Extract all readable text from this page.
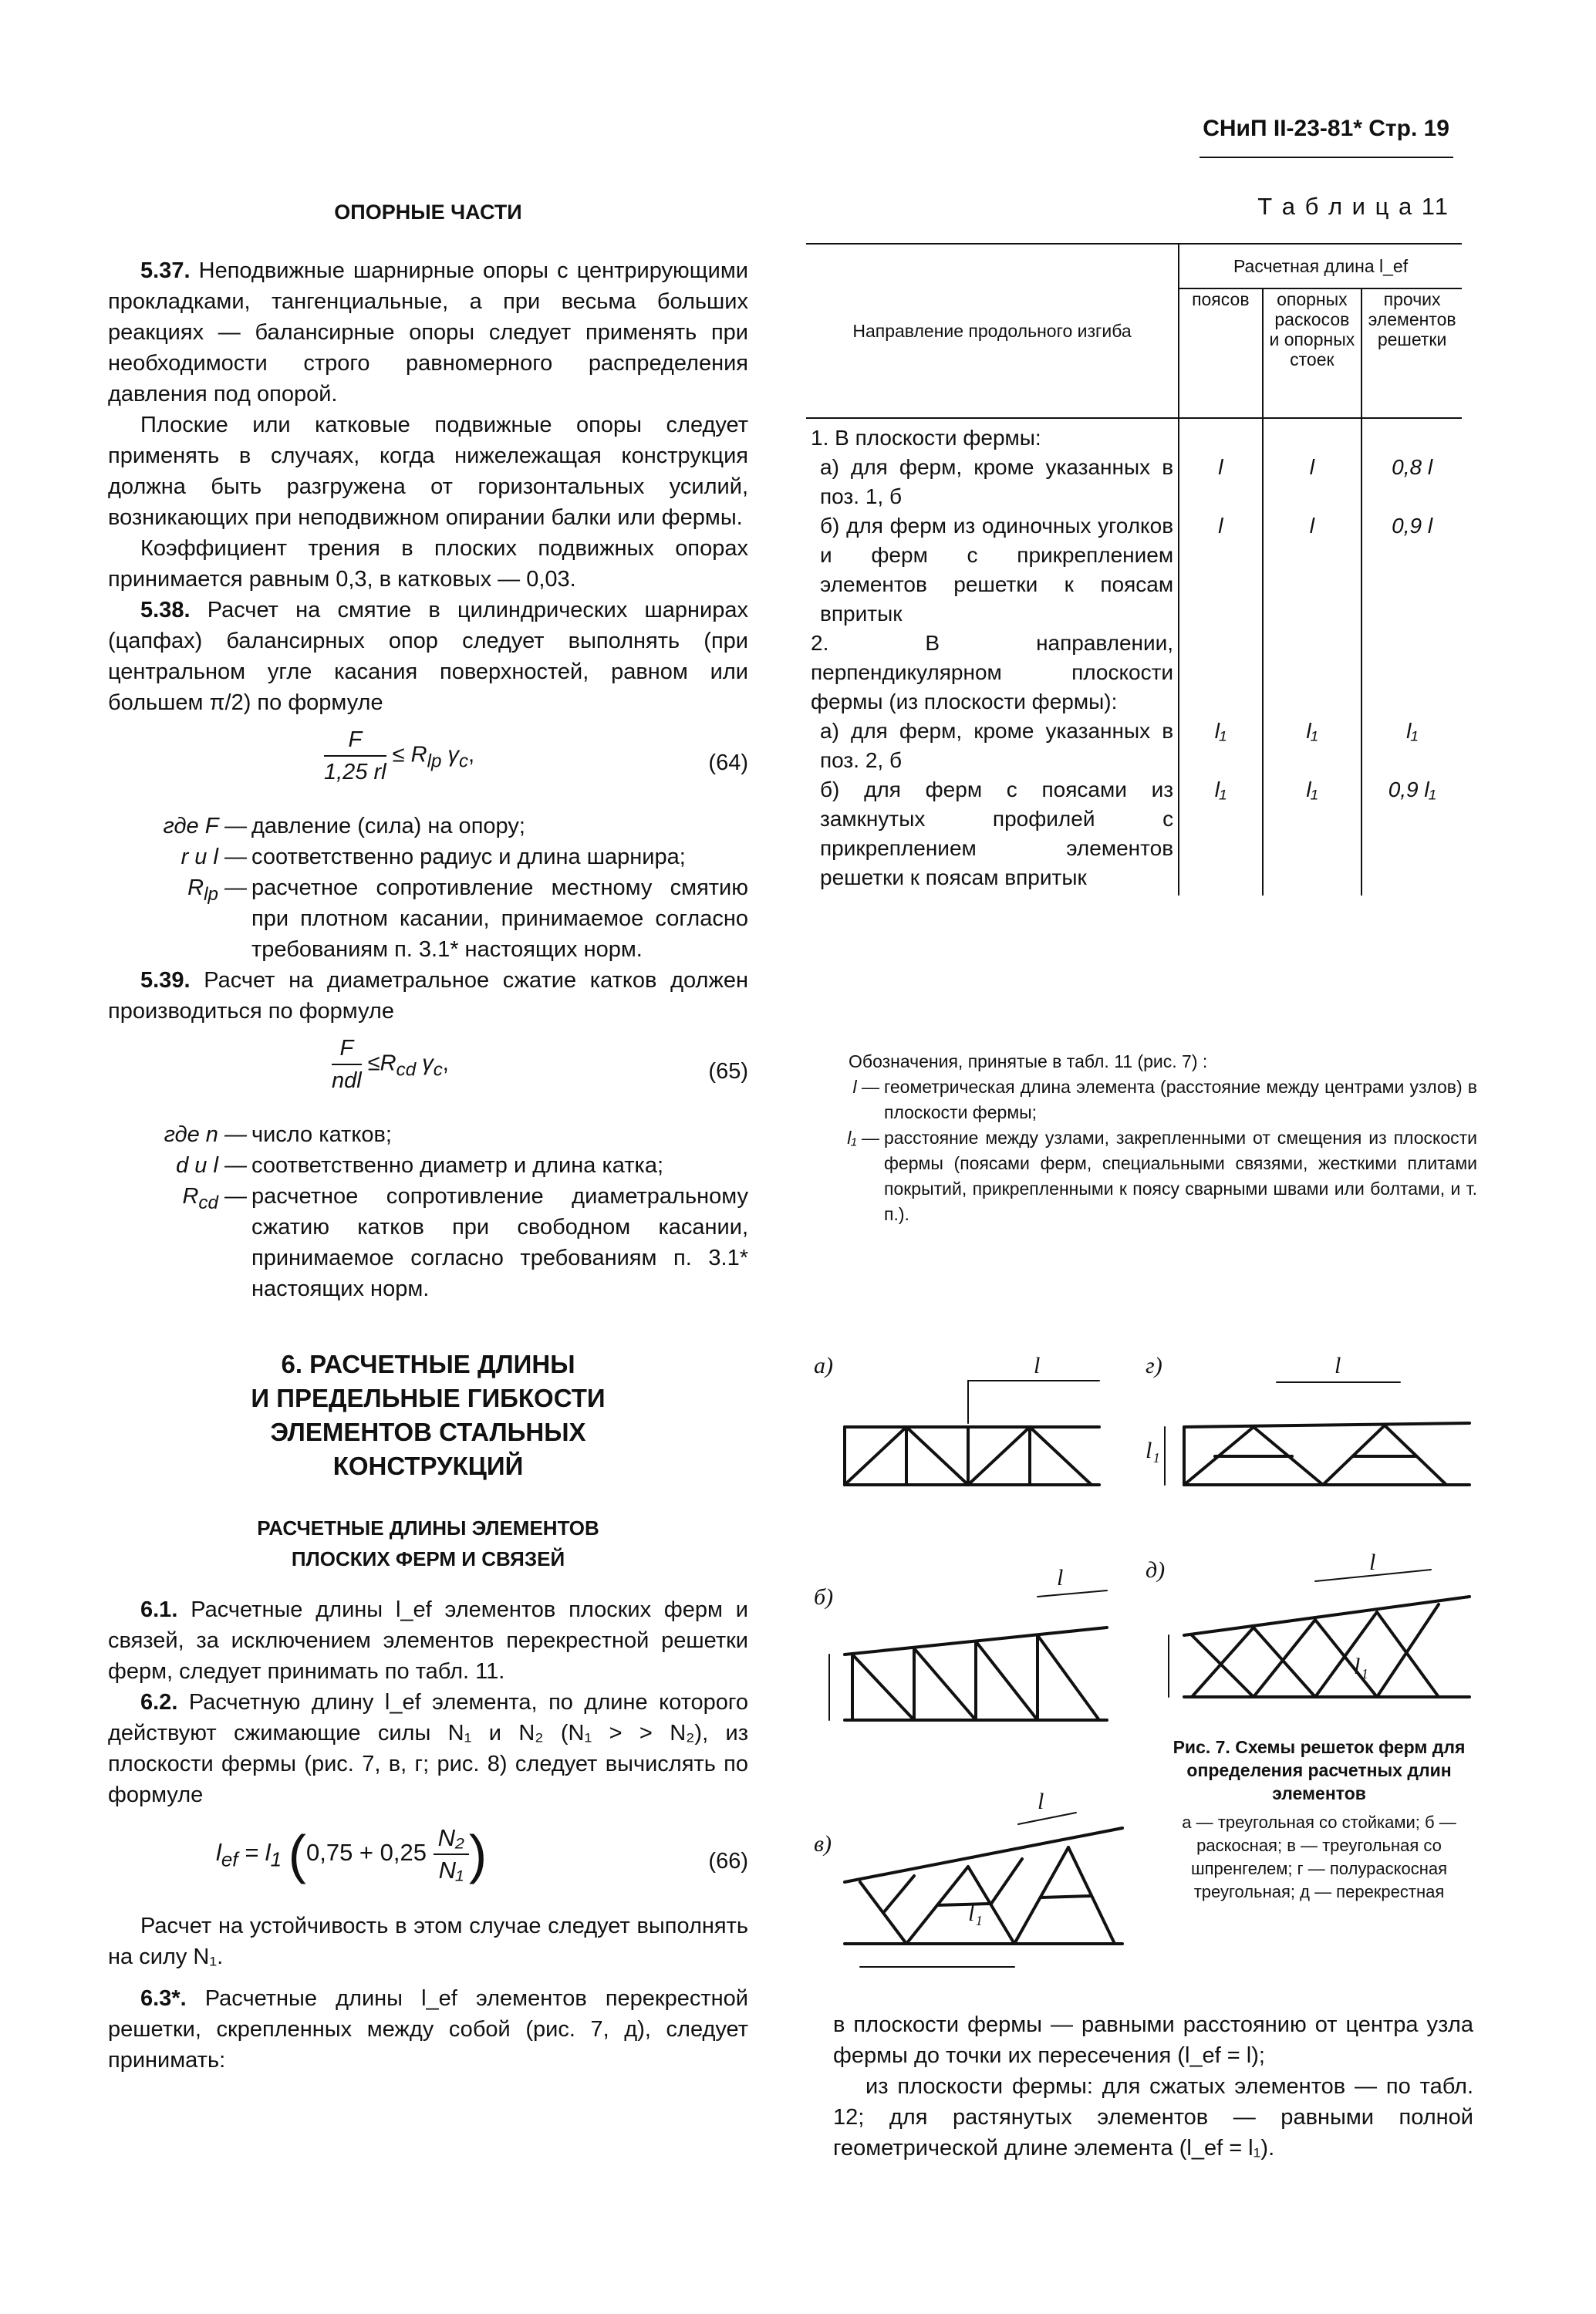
СНиП II-23-81* Стр. 19

ОПОРНЫЕ ЧАСТИ

5.37. Неподвижные шарнирные опоры с центрирующими прокладками, тангенциальные, а при весьма больших реакциях — балансирные опоры следует применять при необходимости строго равномерного распределения давления под опорой.

Плоские или катковые подвижные опоры следует применять в случаях, когда нижележащая конструкция должна быть разгружена от горизонтальных усилий, возникающих при неподвижном опирании балки или фермы.

Коэффициент трения в плоских подвижных опорах принимается равным 0,3, в катковых — 0,03.

5.38. Расчет на смятие в цилиндрических шарнирах (цапфах) балансирных опор следует выполнять (при центральном угле касания поверхностей, равном или большем π/2) по формуле

$\frac{F}{1,25 rl} \le R_{lp}$ $\gamma_c$,	(64)
где F — давление (сила) на опору;
r и l — соответственно радиус и длина шарнира;
$R_{lp}$ — расчетное сопротивление местному смятию при плотном касании, принимаемое согласно требованиям п. 3.1* настоящих норм.

5.39. Расчет на диаметральное сжатие катков должен производиться по формуле

$\frac{F}{\text{ndl}} \le R_{cd}$ $\gamma_c$,	(65)
где n — число катков;
d и l — соответственно диаметр и длина катка;
$R_{cd}$ — расчетное сопротивление диаметральному сжатию катков при свободном касании, принимаемое согласно требованиям п. 3.1* настоящих норм.

6. РАСЧЕТНЫЕ ДЛИНЫ

И ПРЕДЕЛЬНЫЕ ГИБКОСТИ

ЭЛЕМЕНТОВ СТАЛЬНЫХ

КОНСТРУКЦИЙ

РАСЧЕТНЫЕ ДЛИНЫ ЭЛЕМЕНТОВ

ПЛОСКИХ ФЕРМ И СВЯЗЕЙ

6.1. Расчетные длины l_ef элементов плоских ферм и связей, за исключением элементов перекрестной решетки ферм, следует принимать по табл. 11.

6.2. Расчетную длину l_ef элемента, по длине которого действуют сжимающие силы N₁ и N₂ (N₁ > > N₂), из плоскости фермы (рис. 7, в, г; рис. 8) следует вычислять по формуле

$l_{ef} = l_1$ ($0,75 + 0,25 \frac{\text{N₂}}{\text{N₁}}$ )	(66)

Расчет на устойчивость в этом случае следует выполнять на силу N₁.

6.3*. Расчетные длины l_ef элементов перекрестной решетки, скрепленных между собой (рис. 7, д), следует принимать:

Т а б л и ц а 11
Направление продольного изгиба	Расчетная длина l_ef		
	поясов	опорных раскосов и опорных стоек	прочих элементов решетки
1. В плоскости фермы:			
а) для ферм, кроме указанных в поз. 1, б	l	l	0,8 l
б) для ферм из одиночных уголков и ферм с прикреплением элементов решетки к поясам впритык	l	l	0,9 l
2. В направлении, перпендикулярном плоскости фермы (из плоскости фермы):			
а) для ферм, кроме указанных в поз. 2, б	l₁	l₁	l₁
б) для ферм с поясами из замкнутых профилей с прикреплением элементов решетки к поясам впритык	l₁	l₁	0,9 l₁
Обозначения, принятые в табл. 11 (рис. 7) :
l — геометрическая длина элемента (расстояние между центрами узлов) в плоскости фермы;
l₁ — расстояние между узлами, закрепленными от смещения из плоскости фермы (поясами ферм, специальными связями, жесткими плитами покрытий, прикрепленными к поясу сварными швами или болтами, и т. п.).
а)
б)
в)
г)
д)
l
l
l
l
l
l₁
l₁
l₁
Рис. 7. Схемы решеток ферм для определения расчетных длин элементов
а — треугольная со стойками; б — раскосная; в — треугольная со шпренгелем; г — полураскосная треугольная; д — перекрестная

в плоскости фермы — равными расстоянию от центра узла фермы до точки их пересечения (l_ef = l);

из плоскости фермы: для сжатых элементов — по табл. 12; для растянутых элементов — равными полной геометрической длине элемента (l_ef = l₁).
